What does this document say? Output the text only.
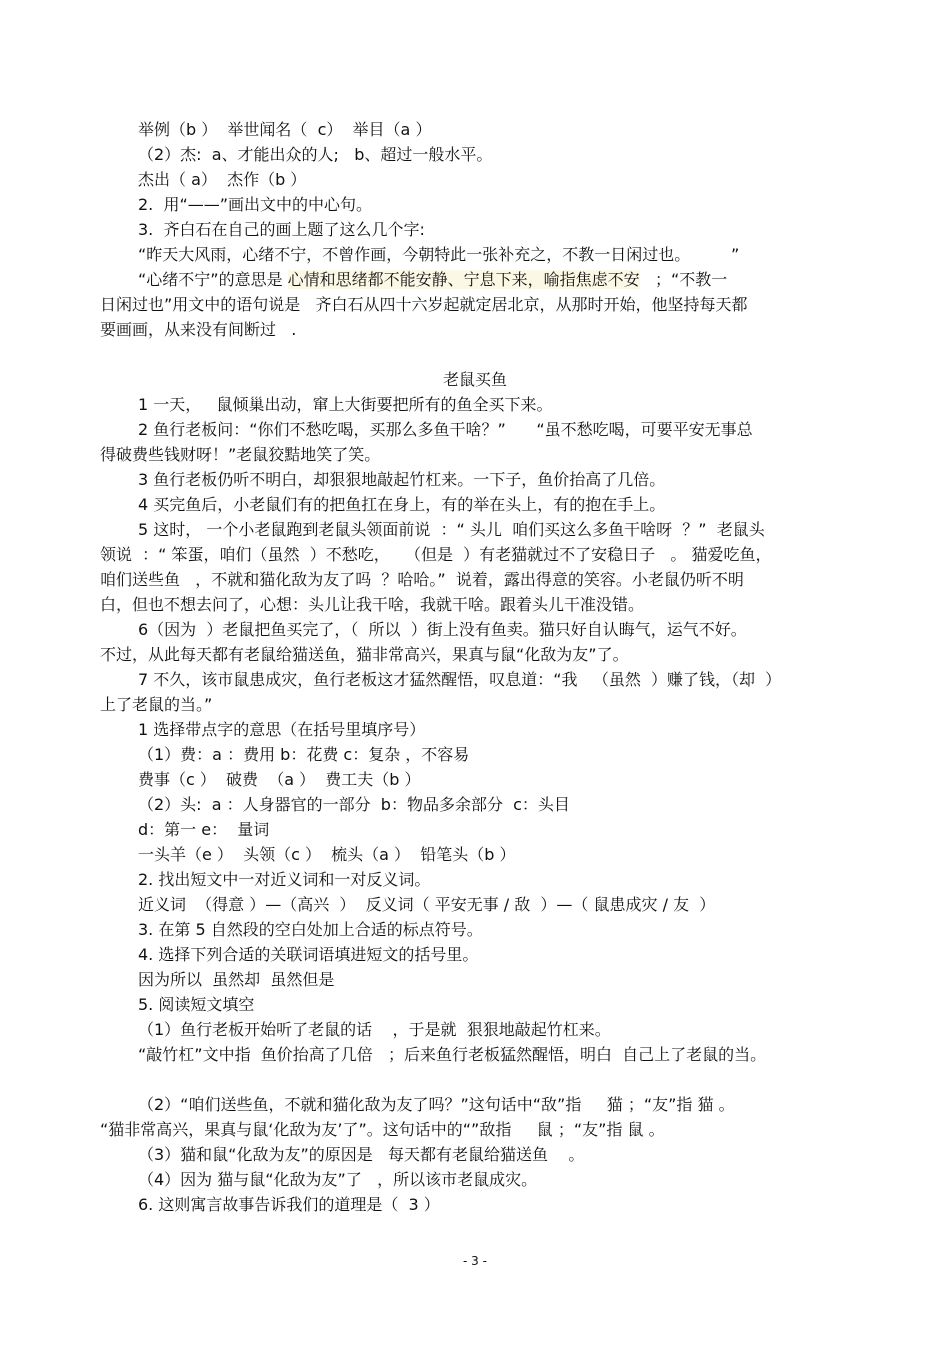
举例（b ）  举世闻名（  c）  举目（a ）
（2）杰:  a、才能出众的人;   b、超过一般水平。
杰出（ a）  杰作（b ）
2.  用“——”画出文中的中心句。
3.  齐白石在自己的画上题了这么几个字:
“昨天大风雨，心绪不宁，不曾作画，今朝特此一张补充之，不教一日闲过也。        ”
“心绪不宁”的意思是 心情和思绪都不能安静、宁息下来，喻指焦虑不安   ；“不教一
日闲过也”用文中的语句说是   齐白石从四十六岁起就定居北京，从那时开始，他坚持每天都
要画画，从来没有间断过   .
老鼠买鱼
1 一天，   鼠倾巢出动，窜上大街要把所有的鱼全买下来。
2 鱼行老板问：“你们不愁吃喝，买那么多鱼干啥？”      “虽不愁吃喝，可要平安无事总
得破费些钱财呀！”老鼠狡黠地笑了笑。
3 鱼行老板仍听不明白，却狠狠地敲起竹杠来。一下子，鱼价抬高了几倍。
4 买完鱼后，小老鼠们有的把鱼扛在身上，有的举在头上，有的抱在手上。
5 这时， 一个小老鼠跑到老鼠头领面前说  ：“ 头儿  咱们买这么多鱼干啥呀  ？”  老鼠头
领说  ：“ 笨蛋，咱们（虽然  ）不愁吃，   （但是  ）有老猫就过不了安稳日子   。 猫爱吃鱼，
咱们送些鱼   ，不就和猫化敌为友了吗  ？哈哈。”  说着，露出得意的笑容。小老鼠仍听不明
白，但也不想去问了，心想：头儿让我干啥，我就干啥。跟着头儿干准没错。
6（因为  ）老鼠把鱼买完了，（  所以  ）街上没有鱼卖。猫只好自认晦气，运气不好。
不过，从此每天都有老鼠给猫送鱼，猫非常高兴，果真与鼠“化敌为友”了。
7 不久，该市鼠患成灾，鱼行老板这才猛然醒悟，叹息道：“我   （虽然  ）赚了钱，（却  ）
上了老鼠的当。”
1 选择带点字的意思（在括号里填序号）
（1）费：a ：费用 b：花费 c：复杂 ，不容易
费事（c ）  破费  （a ）  费工夫（b ）
（2）头:  a ：人身器官的一部分  b：物品多余部分  c：头目
d：第一 e：  量词
一头羊（e ）  头领（c ）  梳头（a ）  铅笔头（b ）
2. 找出短文中一对近义词和一对反义词。
近义词  （得意 ）—（高兴  ）  反义词（ 平安无事 / 敌  ）—（ 鼠患成灾 / 友  ）
3. 在第 5 自然段的空白处加上合适的标点符号。
4. 选择下列合适的关联词语填进短文的括号里。
因为所以  虽然却  虽然但是
5. 阅读短文填空
（1）鱼行老板开始听了老鼠的话    ，于是就  狠狠地敲起竹杠来。
“敲竹杠”文中指  鱼价抬高了几倍   ；后来鱼行老板猛然醒悟，明白  自己上了老鼠的当。
（2）“咱们送些鱼，不就和猫化敌为友了吗？”这句话中“敌”指     猫 ；“友”指 猫 。
“猫非常高兴，果真与鼠‘化敌为友’了”。这句话中的“”敌指     鼠 ；“友”指 鼠 。
（3）猫和鼠“化敌为友”的原因是   每天都有老鼠给猫送鱼    。
（4）因为 猫与鼠“化敌为友”了   ，所以该市老鼠成灾。
6. 这则寓言故事告诉我们的道理是（  3 ）
- 3 -
